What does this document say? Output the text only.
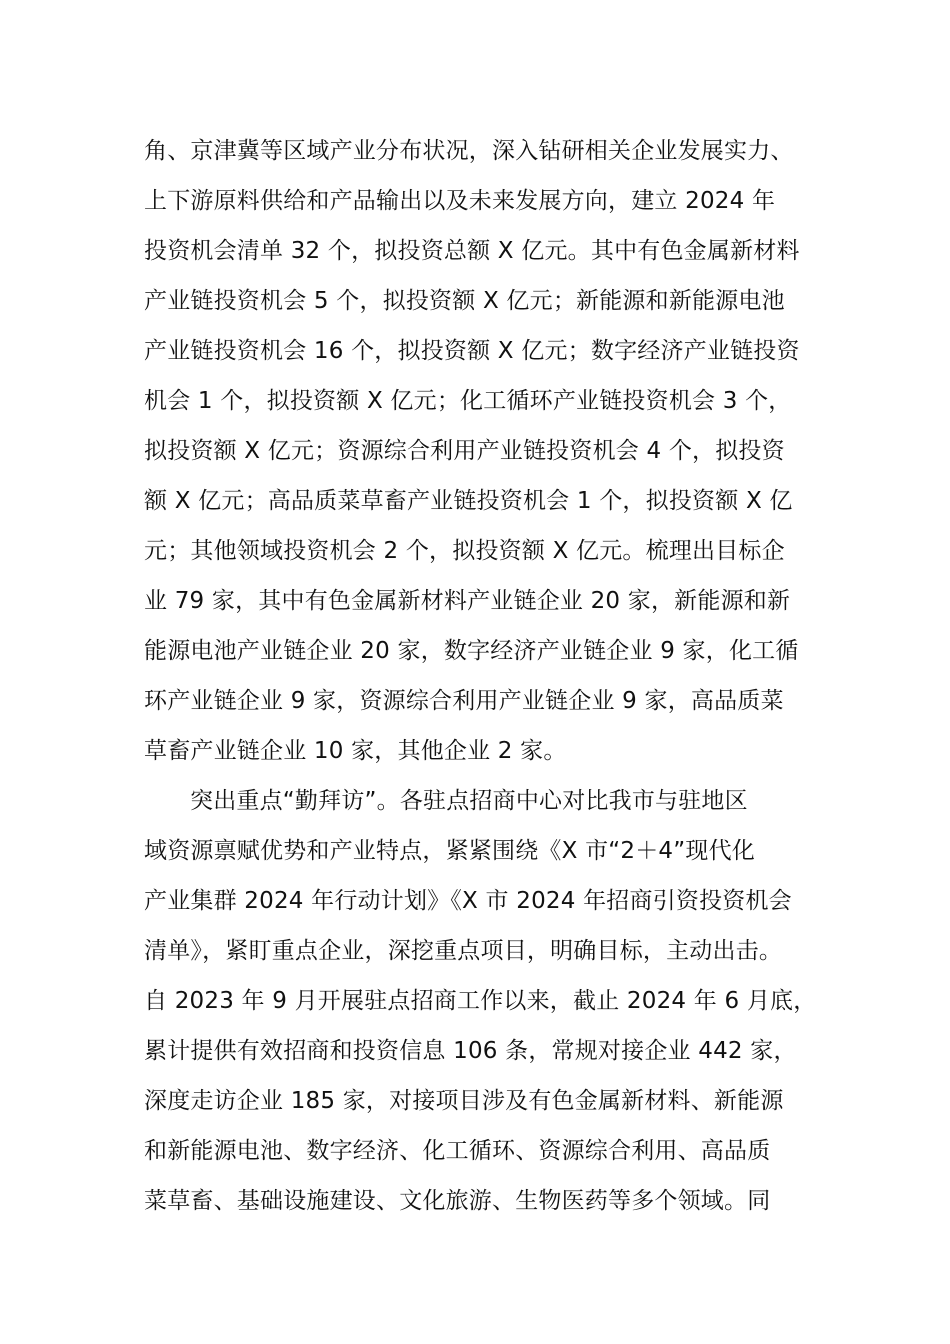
角、京津冀等区域产业分布状况，深入钻研相关企业发展实力、
上下游原料供给和产品输出以及未来发展方向，建立 2024 年
投资机会清单 32 个，拟投资总额 X 亿元。其中有色金属新材料
产业链投资机会 5 个，拟投资额 X 亿元；新能源和新能源电池
产业链投资机会 16 个，拟投资额 X 亿元；数字经济产业链投资
机会 1 个，拟投资额 X 亿元；化工循环产业链投资机会 3 个，
拟投资额 X 亿元；资源综合利用产业链投资机会 4 个，拟投资
额 X 亿元；高品质菜草畜产业链投资机会 1 个，拟投资额 X 亿
元；其他领域投资机会 2 个，拟投资额 X 亿元。梳理出目标企
业 79 家，其中有色金属新材料产业链企业 20 家，新能源和新
能源电池产业链企业 20 家，数字经济产业链企业 9 家，化工循
环产业链企业 9 家，资源综合利用产业链企业 9 家，高品质菜
草畜产业链企业 10 家，其他企业 2 家。
突出重点“勤拜访”。各驻点招商中心对比我市与驻地区
域资源禀赋优势和产业特点，紧紧围绕《X 市“2＋4”现代化
产业集群 2024 年行动计划》《X 市 2024 年招商引资投资机会
清单》，紧盯重点企业，深挖重点项目，明确目标，主动出击。
自 2023 年 9 月开展驻点招商工作以来，截止 2024 年 6 月底，
累计提供有效招商和投资信息 106 条，常规对接企业 442 家，
深度走访企业 185 家，对接项目涉及有色金属新材料、新能源
和新能源电池、数字经济、化工循环、资源综合利用、高品质
菜草畜、基础设施建设、文化旅游、生物医药等多个领域。同
